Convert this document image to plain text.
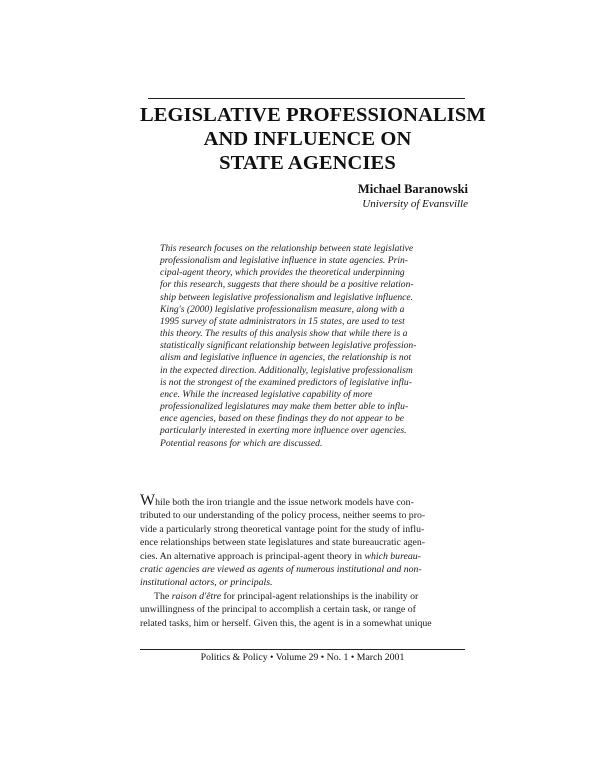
LEGISLATIVE PROFESSIONALISM
AND INFLUENCE ON
STATE AGENCIES
Michael Baranowski
University of Evansville
This research focuses on the relationship between state legislative
professionalism and legislative influence in state agencies. Prin-
cipal-agent theory, which provides the theoretical underpinning
for this research, suggests that there should be a positive relation-
ship between legislative professionalism and legislative influence.
King's (2000) legislative professionalism measure, along with a
1995 survey of state administrators in 15 states, are used to test
this theory. The results of this analysis show that while there is a
statistically significant relationship between legislative profession-
alism and legislative influence in agencies, the relationship is not
in the expected direction. Additionally, legislative professionalism
is not the strongest of the examined predictors of legislative influ-
ence. While the increased legislative capability of more
professionalized legislatures may make them better able to influ-
ence agencies, based on these findings they do not appear to be
particularly interested in exerting more influence over agencies.
Potential reasons for which are discussed.
While both the iron triangle and the issue network models have con-
tributed to our understanding of the policy process, neither seems to pro-
vide a particularly strong theoretical vantage point for the study of influ-
ence relationships between state legislatures and state bureaucratic agen-
cies. An alternative approach is principal-agent theory in which bureau-
cratic agencies are viewed as agents of numerous institutional and non-
institutional actors, or principals.
The raison d'être for principal-agent relationships is the inability or
unwillingness of the principal to accomplish a certain task, or range of
related tasks, him or herself. Given this, the agent is in a somewhat unique
Politics & Policy • Volume 29 • No. 1 • March 2001
